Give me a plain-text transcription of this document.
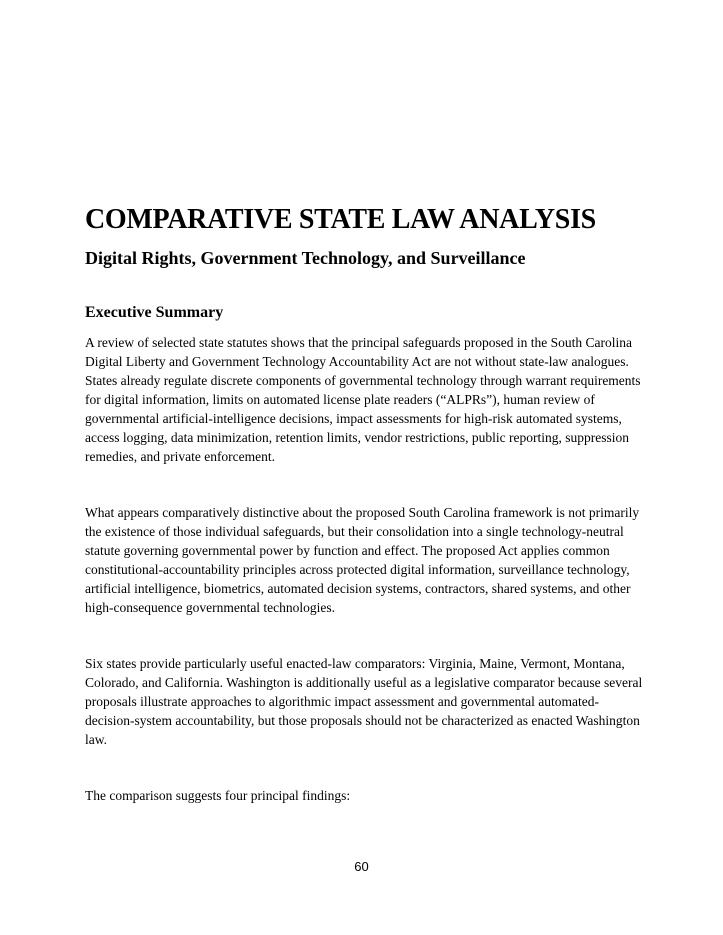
COMPARATIVE STATE LAW ANALYSIS
Digital Rights, Government Technology, and Surveillance
Executive Summary

A review of selected state statutes shows that the principal safeguards proposed in the South Carolina Digital Liberty and Government Technology Accountability Act are not without state-law analogues. States already regulate discrete components of governmental technology through warrant requirements for digital information, limits on automated license plate readers (“ALPRs”), human review of governmental artificial-intelligence decisions, impact assessments for high-risk automated systems, access logging, data minimization, retention limits, vendor restrictions, public reporting, suppression remedies, and private enforcement.

What appears comparatively distinctive about the proposed South Carolina framework is not primarily the existence of those individual safeguards, but their consolidation into a single technology-neutral statute governing governmental power by function and effect. The proposed Act applies common constitutional-accountability principles across protected digital information, surveillance technology, artificial intelligence, biometrics, automated decision systems, contractors, shared systems, and other high-consequence governmental technologies.

Six states provide particularly useful enacted-law comparators: Virginia, Maine, Vermont, Montana, Colorado, and California. Washington is additionally useful as a legislative comparator because several proposals illustrate approaches to algorithmic impact assessment and governmental automated-decision-system accountability, but those proposals should not be characterized as enacted Washington law.

The comparison suggests four principal findings:

60
